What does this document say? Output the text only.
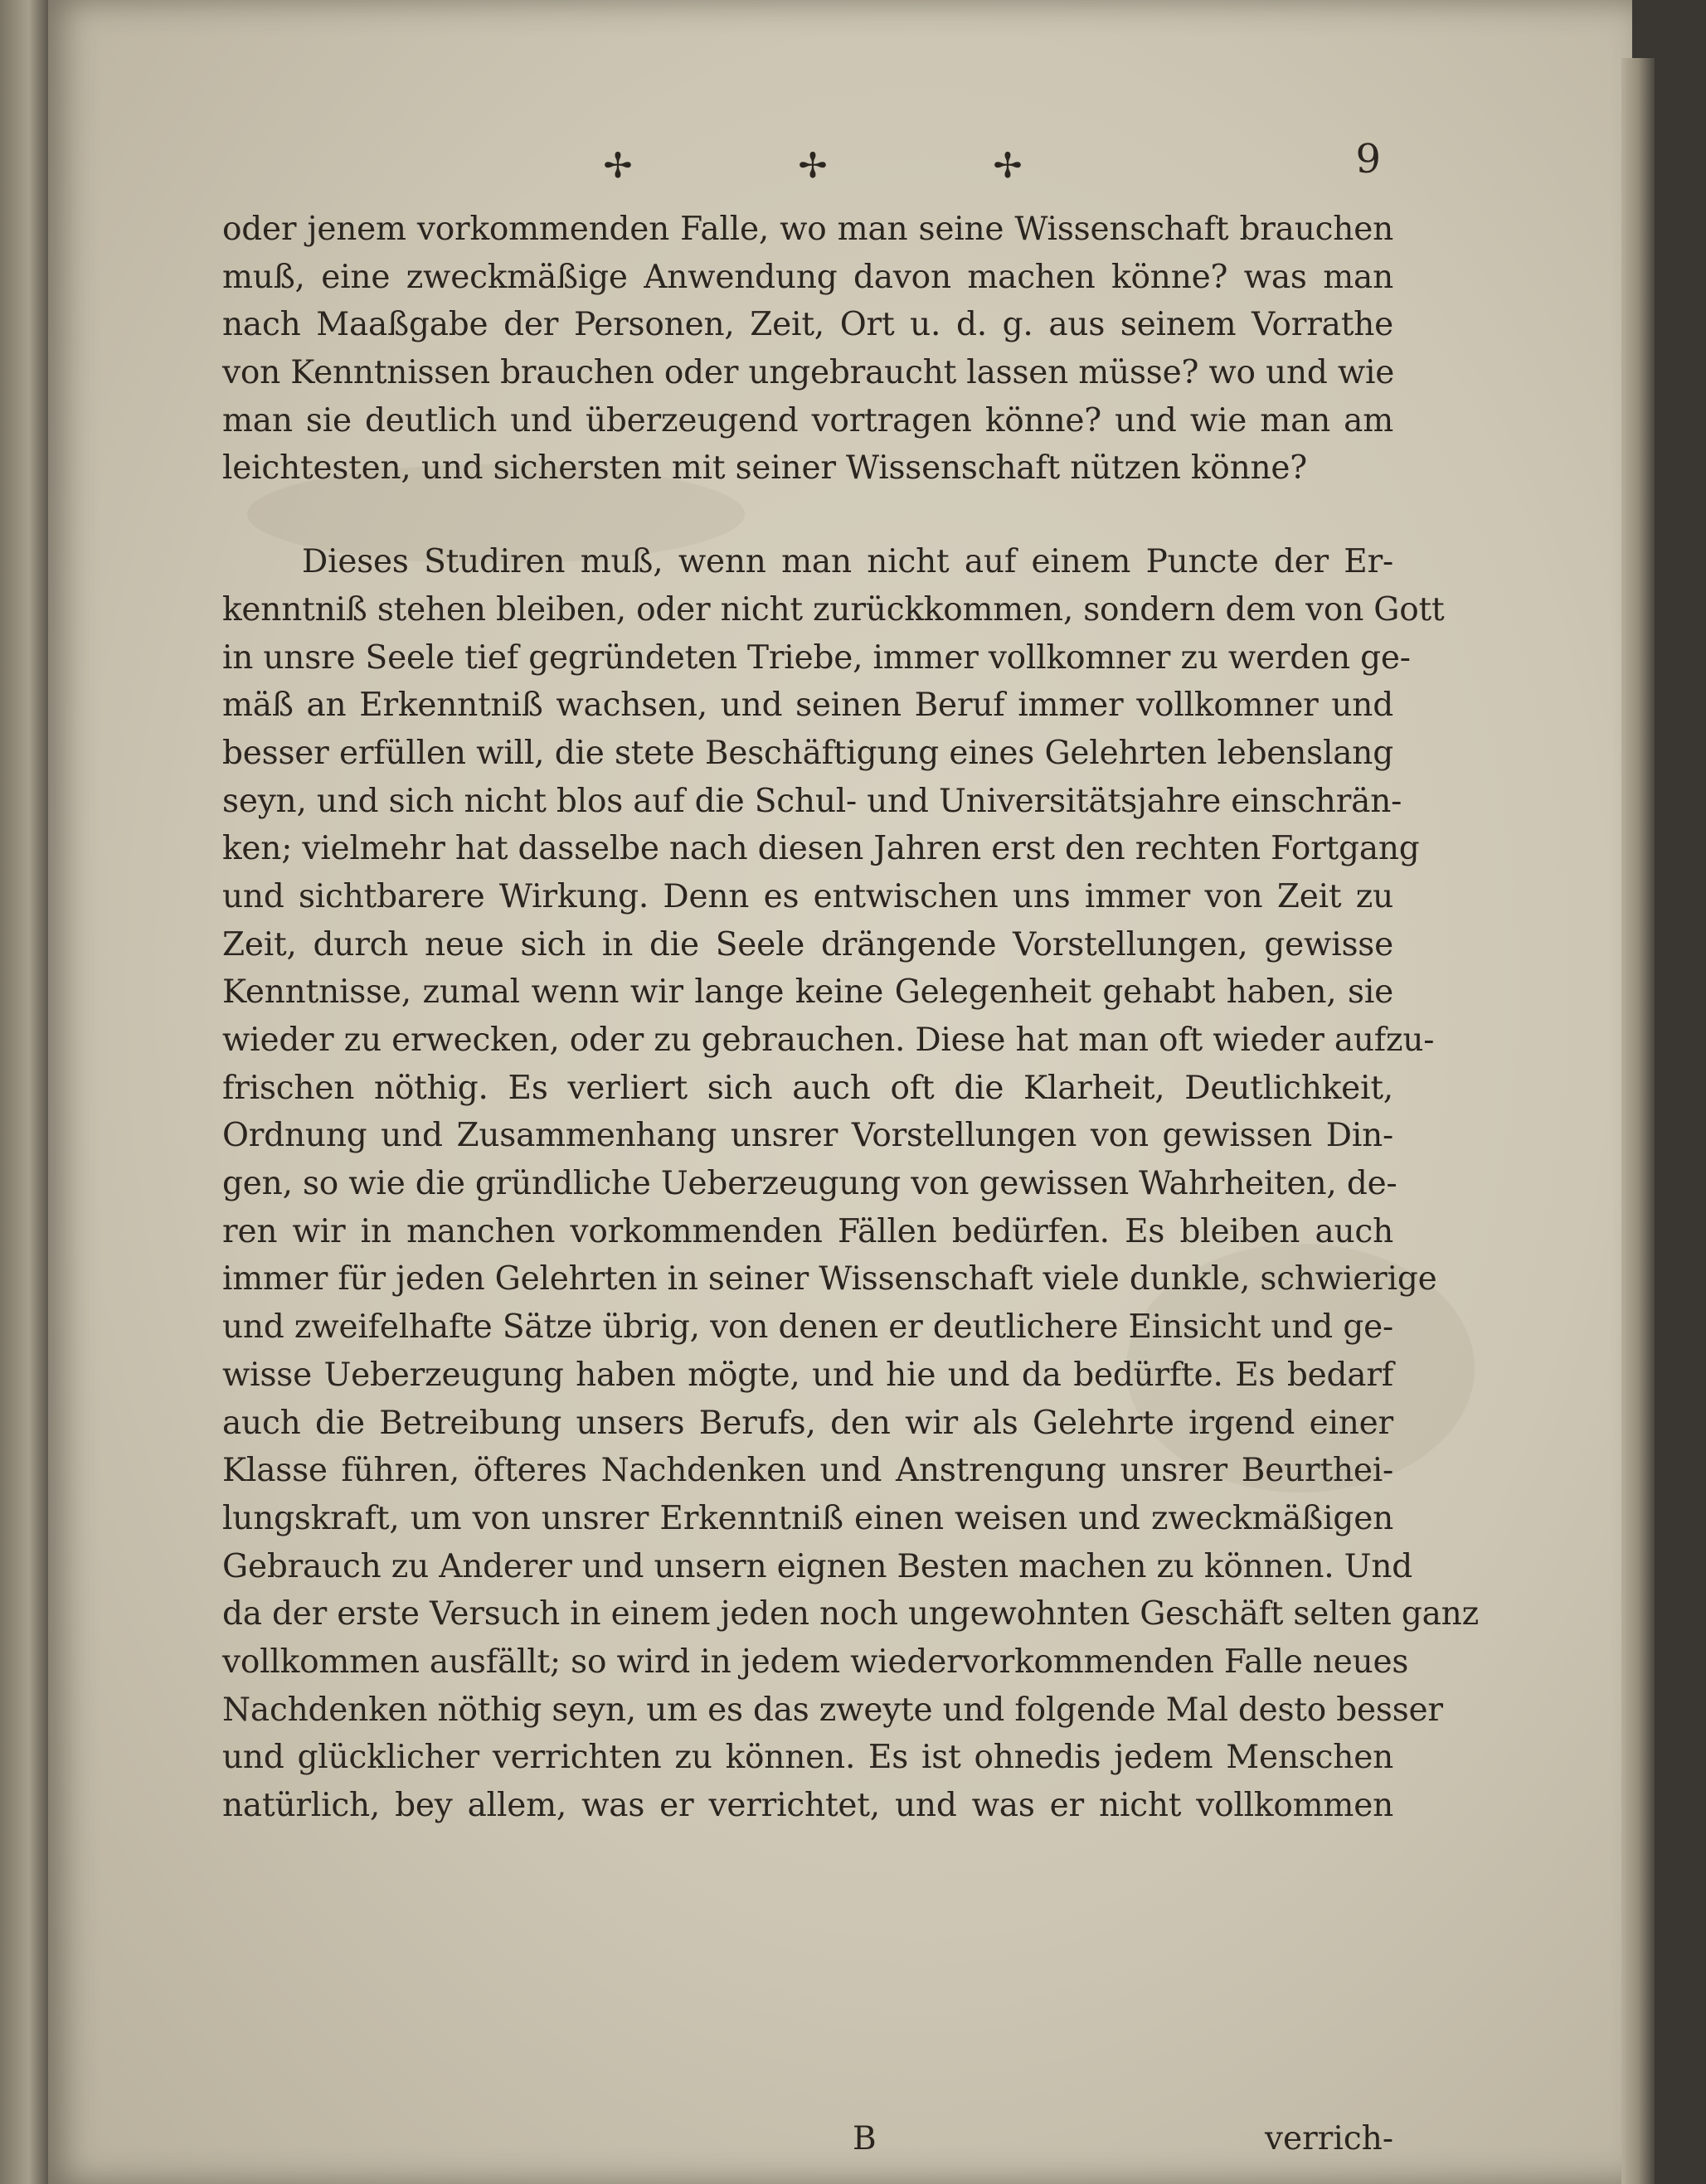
✢	✢	✢	9
oder jenem vorkommenden Falle, wo man seine Wissenschaft brauchen
muß, eine zweckmäßige Anwendung davon machen könne? was man
nach Maaßgabe der Personen, Zeit, Ort u. d. g. aus seinem Vorrathe
von Kenntnissen brauchen oder ungebraucht lassen müsse? wo und wie
man sie deutlich und überzeugend vortragen könne? und wie man am
leichtesten, und sichersten mit seiner Wissenschaft nützen könne?
Dieses Studiren muß, wenn man nicht auf einem Puncte der Er-
kenntniß stehen bleiben, oder nicht zurückkommen, sondern dem von Gott
in unsre Seele tief gegründeten Triebe, immer vollkomner zu werden ge-
mäß an Erkenntniß wachsen, und seinen Beruf immer vollkomner und
besser erfüllen will, die stete Beschäftigung eines Gelehrten lebenslang
seyn, und sich nicht blos auf die Schul- und Universitätsjahre einschrän-
ken; vielmehr hat dasselbe nach diesen Jahren erst den rechten Fortgang
und sichtbarere Wirkung. Denn es entwischen uns immer von Zeit zu
Zeit, durch neue sich in die Seele drängende Vorstellungen, gewisse
Kenntnisse, zumal wenn wir lange keine Gelegenheit gehabt haben, sie
wieder zu erwecken, oder zu gebrauchen. Diese hat man oft wieder aufzu-
frischen nöthig. Es verliert sich auch oft die Klarheit, Deutlichkeit,
Ordnung und Zusammenhang unsrer Vorstellungen von gewissen Din-
gen, so wie die gründliche Ueberzeugung von gewissen Wahrheiten, de-
ren wir in manchen vorkommenden Fällen bedürfen. Es bleiben auch
immer für jeden Gelehrten in seiner Wissenschaft viele dunkle, schwierige
und zweifelhafte Sätze übrig, von denen er deutlichere Einsicht und ge-
wisse Ueberzeugung haben mögte, und hie und da bedürfte. Es bedarf
auch die Betreibung unsers Berufs, den wir als Gelehrte irgend einer
Klasse führen, öfteres Nachdenken und Anstrengung unsrer Beurthei-
lungskraft, um von unsrer Erkenntniß einen weisen und zweckmäßigen
Gebrauch zu Anderer und unsern eignen Besten machen zu können. Und
da der erste Versuch in einem jeden noch ungewohnten Geschäft selten ganz
vollkommen ausfällt; so wird in jedem wiedervorkommenden Falle neues
Nachdenken nöthig seyn, um es das zweyte und folgende Mal desto besser
und glücklicher verrichten zu können. Es ist ohnedis jedem Menschen
natürlich, bey allem, was er verrichtet, und was er nicht vollkommen
B	verrich-
